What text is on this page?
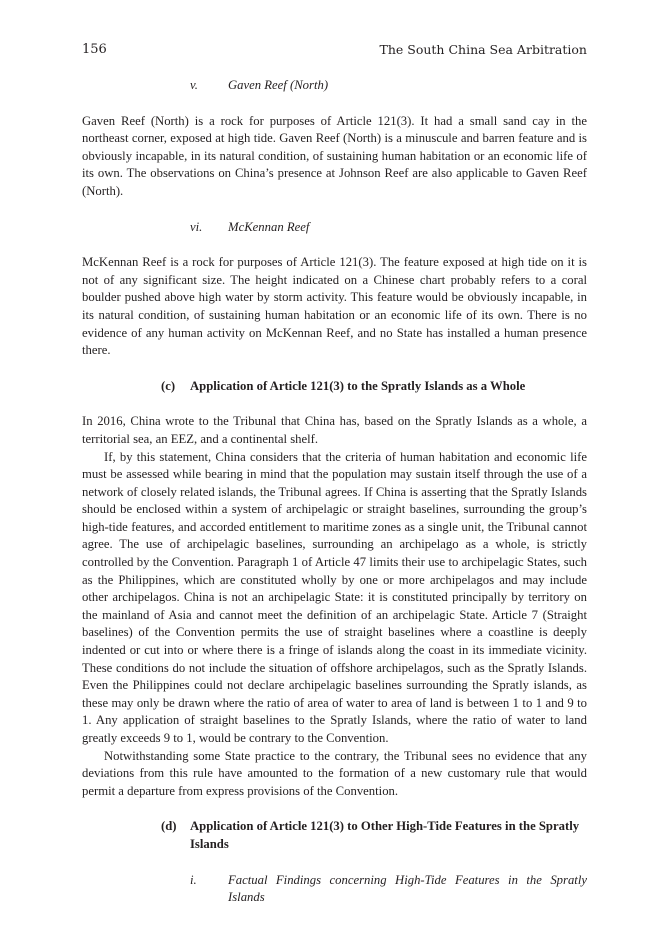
156	The South China Sea Arbitration
v.	Gaven Reef (North)

Gaven Reef (North) is a rock for purposes of Article 121(3). It had a small sand cay in the northeast corner, exposed at high tide. Gaven Reef (North) is a minuscule and barren feature and is obviously incapable, in its natural condition, of sustaining human habitation or an economic life of its own. The observations on China’s presence at Johnson Reef are also applicable to Gaven Reef (North).

vi.	McKennan Reef

McKennan Reef is a rock for purposes of Article 121(3). The feature exposed at high tide on it is not of any significant size. The height indicated on a Chinese chart probably refers to a coral boulder pushed above high water by storm activity. This feature would be obviously incapable, in its natural condition, of sustaining human habitation or an economic life of its own. There is no evidence of any human activity on McKennan Reef, and no State has installed a human presence there.

(c)	Application of Article 121(3) to the Spratly Islands as a Whole

In 2016, China wrote to the Tribunal that China has, based on the Spratly Islands as a whole, a territorial sea, an EEZ, and a continental shelf.

If, by this statement, China considers that the criteria of human habitation and economic life must be assessed while bearing in mind that the population may sustain itself through the use of a network of closely related islands, the Tribunal agrees. If China is asserting that the Spratly Islands should be enclosed within a system of archipelagic or straight baselines, surrounding the group’s high-tide features, and accorded entitlement to maritime zones as a single unit, the Tribunal cannot agree. The use of archipelagic baselines, surrounding an archipelago as a whole, is strictly controlled by the Convention. Paragraph 1 of Article 47 limits their use to archipelagic States, such as the Philippines, which are constituted wholly by one or more archipelagos and may include other archipelagos. China is not an archipelagic State: it is constituted principally by territory on the mainland of Asia and cannot meet the definition of an archipelagic State. Article 7 (Straight baselines) of the Convention permits the use of straight baselines where a coastline is deeply indented or cut into or where there is a fringe of islands along the coast in its immediate vicinity. These conditions do not include the situation of offshore archipelagos, such as the Spratly Islands. Even the Philippines could not declare archipelagic baselines surrounding the Spratly islands, as these may only be drawn where the ratio of area of water to area of land is between 1 to 1 and 9 to 1. Any application of straight baselines to the Spratly Islands, where the ratio of water to land greatly exceeds 9 to 1, would be contrary to the Convention.

Notwithstanding some State practice to the contrary, the Tribunal sees no evidence that any deviations from this rule have amounted to the formation of a new customary rule that would permit a departure from express provisions of the Convention.

(d)	Application of Article 121(3) to Other High-Tide Features in the Spratly Islands
i.	Factual Findings concerning High-Tide Features in the Spratly Islands
